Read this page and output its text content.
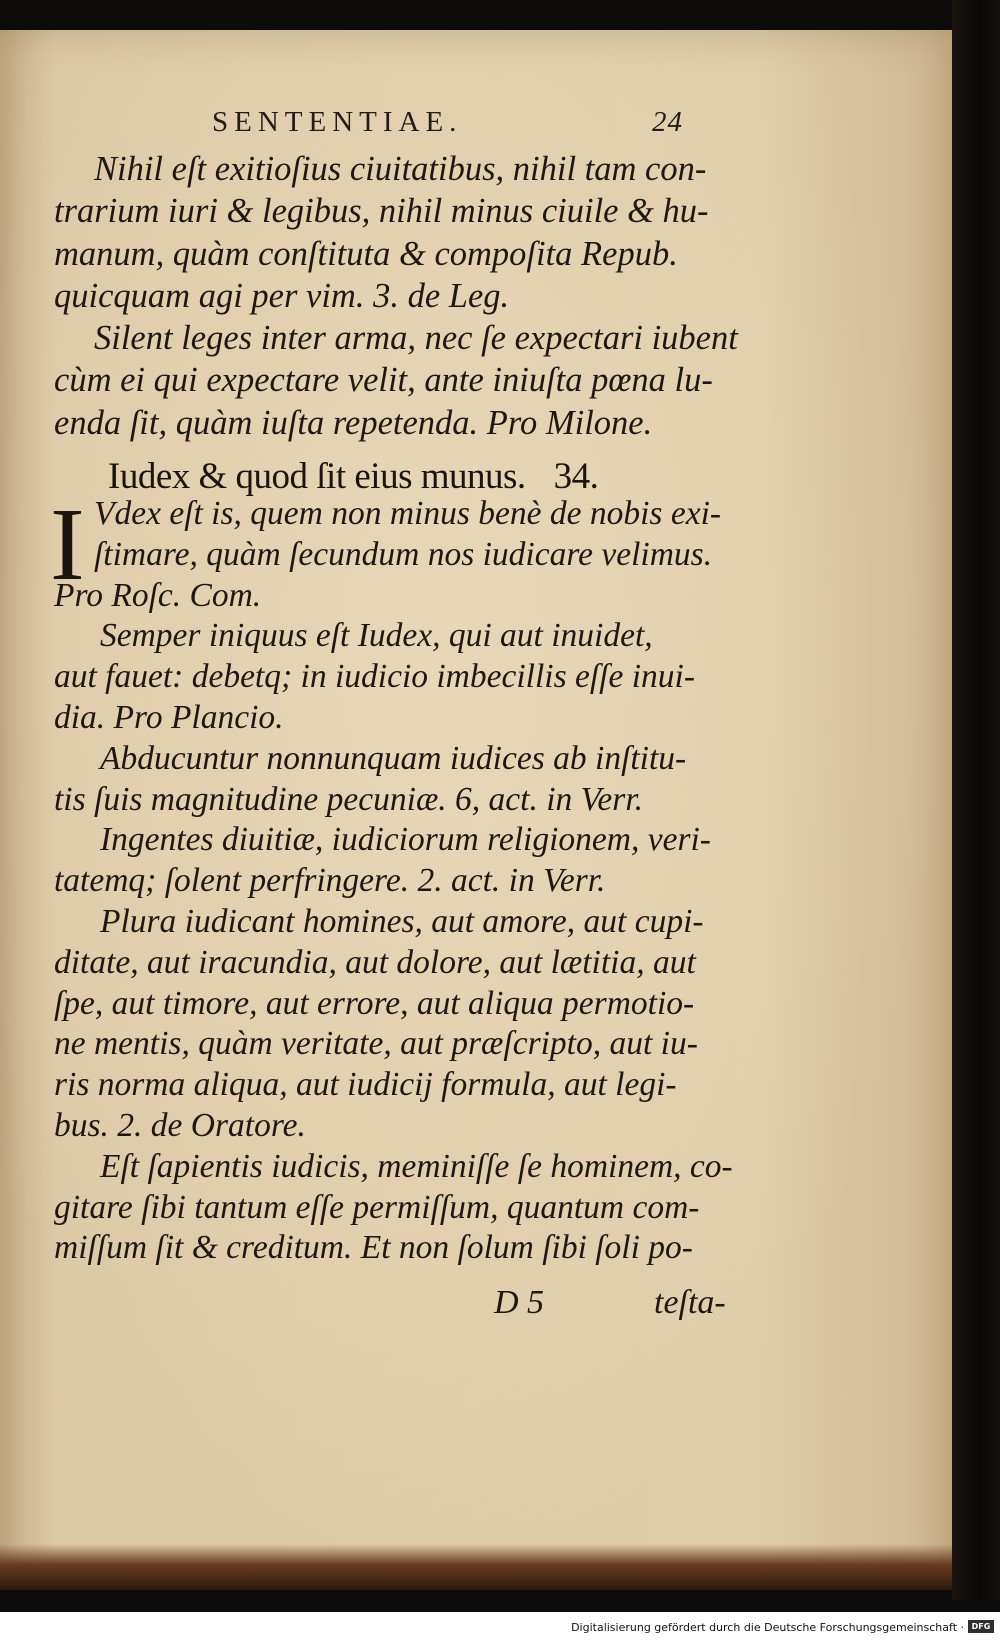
SENTENTIAE.	24
Nihil eſt exitioſius ciuitatibus, nihil tam con-
trarium iuri & legibus, nihil minus ciuile & hu-
manum, quàm conſtituta & compoſita Repub.
quicquam agi per vim. 3. de Leg.
Silent leges inter arma, nec ſe expectari iubent
cùm ei qui expectare velit, ante iniuſta pœna lu-
enda ſit, quàm iuſta repetenda. Pro Milone.
Iudex & quod ſit eius munus. 34.
I Vdex eſt is, quem non minus benè de nobis exi-
ſtimare, quàm ſecundum nos iudicare velimus.
Pro Roſc. Com.
Semper iniquus eſt Iudex, qui aut inuidet,
aut fauet: debetq; in iudicio imbecillis eſſe inui-
dia. Pro Plancio.
Abducuntur nonnunquam iudices ab inſtitu-
tis ſuis magnitudine pecuniæ. 6, act. in Verr.
Ingentes diuitiæ, iudiciorum religionem, veri-
tatemq; ſolent perfringere. 2. act. in Verr.
Plura iudicant homines, aut amore, aut cupi-
ditate, aut iracundia, aut dolore, aut lætitia, aut
ſpe, aut timore, aut errore, aut aliqua permotio-
ne mentis, quàm veritate, aut præſcripto, aut iu-
ris norma aliqua, aut iudicij formula, aut legi-
bus. 2. de Oratore.
Eſt ſapientis iudicis, meminiſſe ſe hominem, co-
gitare ſibi tantum eſſe permiſſum, quantum com-
miſſum ſit & creditum. Et non ſolum ſibi ſoli po-
D 5	teſta-
Digitalisierung gefördert durch die Deutsche Forschungsgemeinschaft · DFG
